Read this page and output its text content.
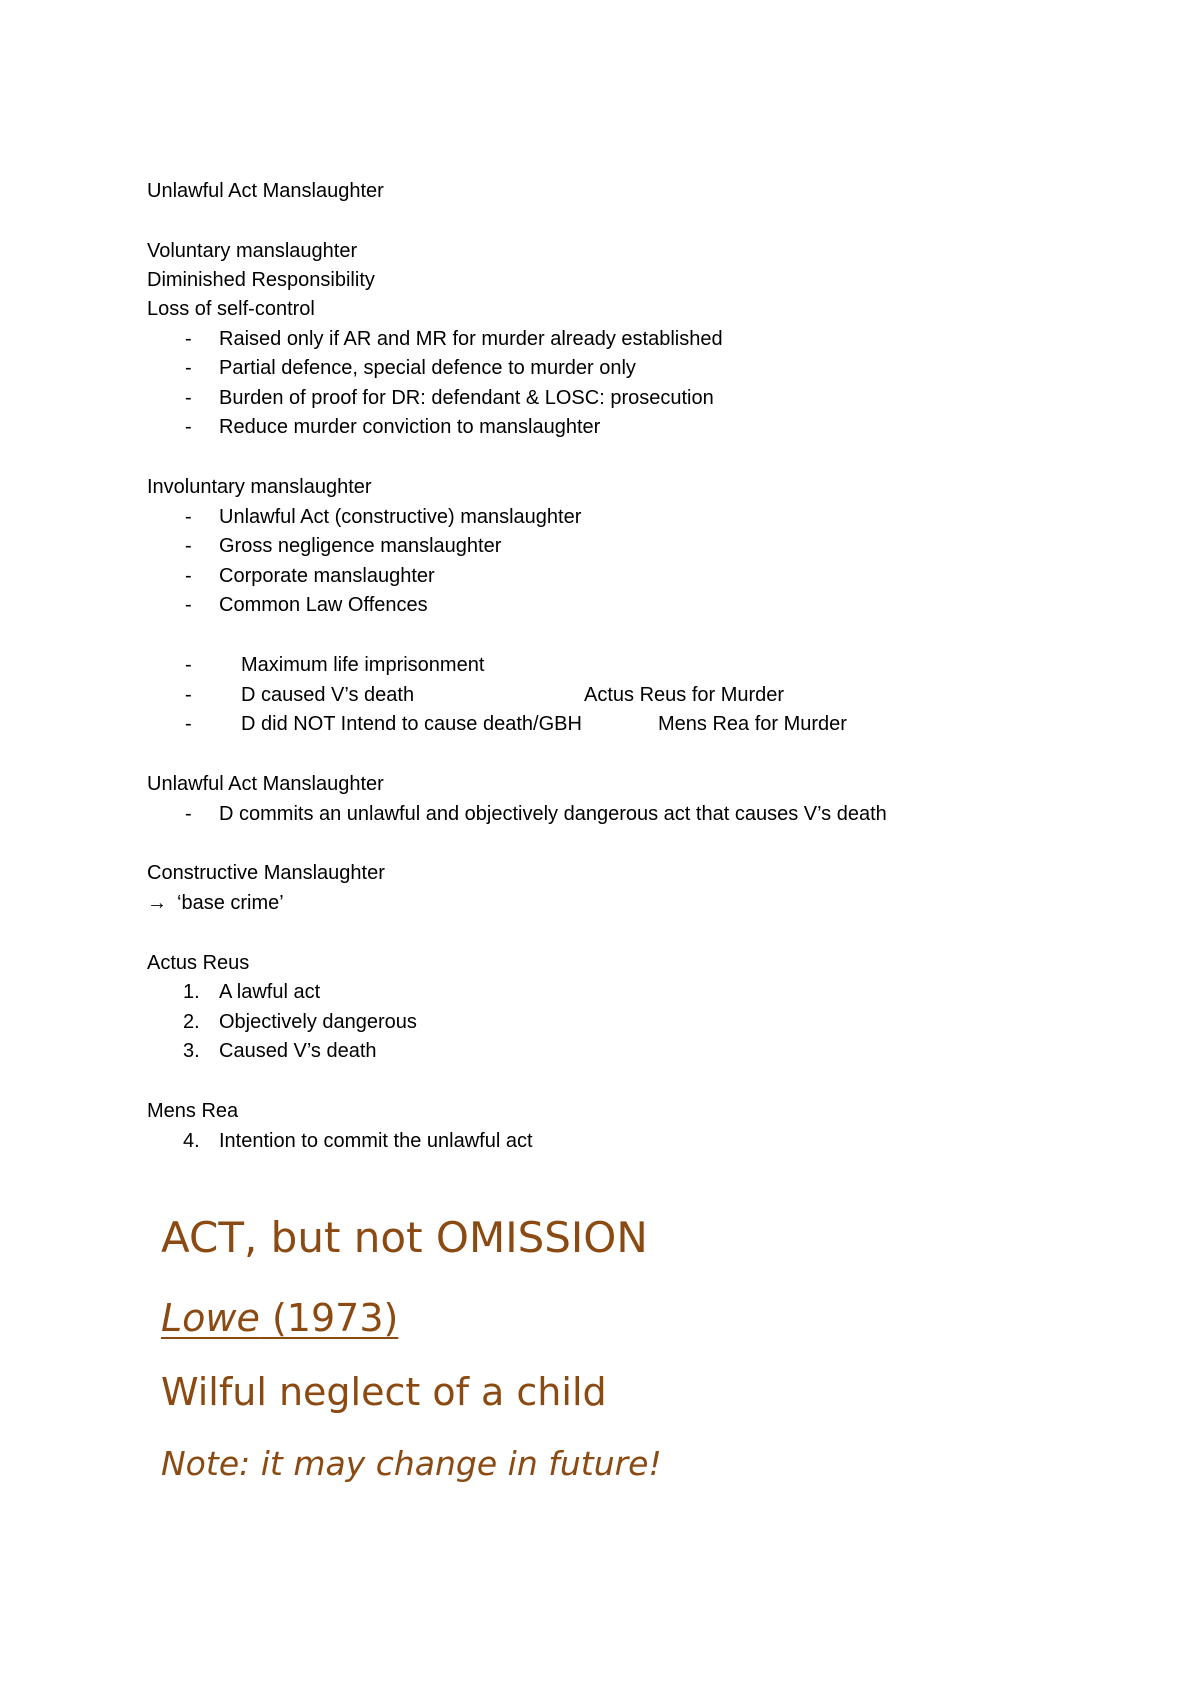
Unlawful Act Manslaughter
Voluntary manslaughter
Diminished Responsibility
Loss of self-control
- Raised only if AR and MR for murder already established
- Partial defence, special defence to murder only
- Burden of proof for DR: defendant & LOSC: prosecution
- Reduce murder conviction to manslaughter
Involuntary manslaughter
- Unlawful Act (constructive) manslaughter
- Gross negligence manslaughter
- Corporate manslaughter
- Common Law Offences
- Maximum life imprisonment
- D caused V’s death	Actus Reus for Murder
- D did NOT Intend to cause death/GBH	Mens Rea for Murder
Unlawful Act Manslaughter
- D commits an unlawful and objectively dangerous act that causes V’s death
Constructive Manslaughter
→ ‘base crime’
Actus Reus
1. A lawful act
2. Objectively dangerous
3. Caused V’s death
Mens Rea
4. Intention to commit the unlawful act
ACT, but not OMISSION
Lowe (1973)
Wilful neglect of a child
Note: it may change in future!
